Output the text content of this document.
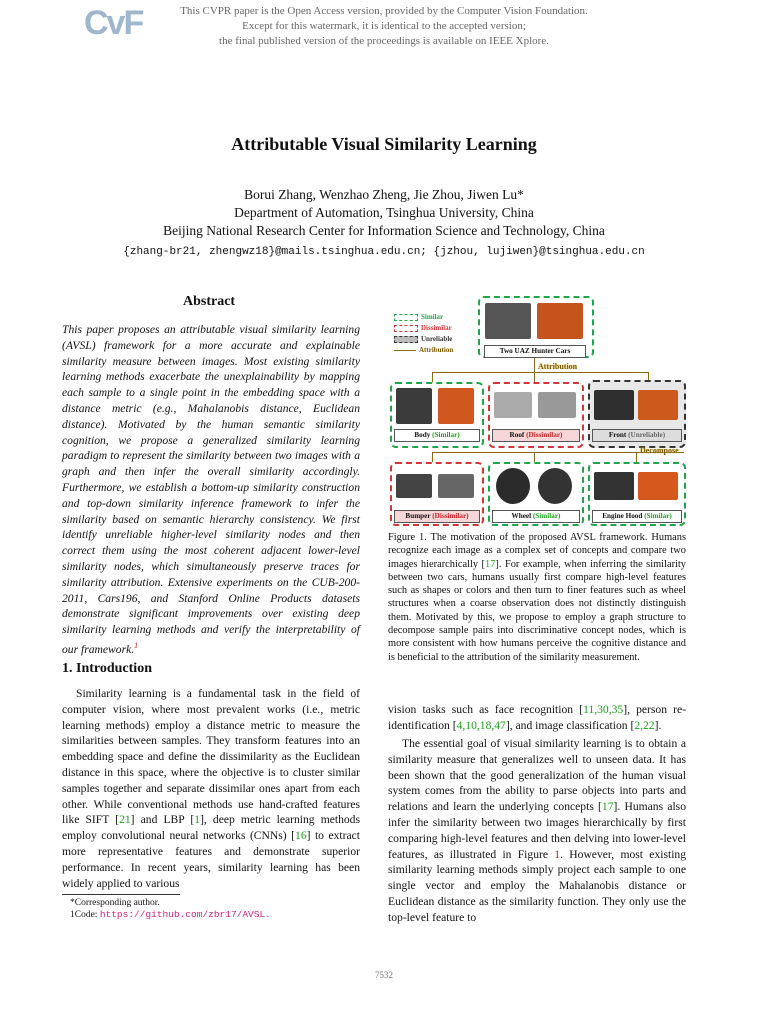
CvF	This CVPR paper is the Open Access version, provided by the Computer Vision Foundation.
Except for this watermark, it is identical to the accepted version;
the final published version of the proceedings is available on IEEE Xplore.
Attributable Visual Similarity Learning
Borui Zhang, Wenzhao Zheng, Jie Zhou, Jiwen Lu*
Department of Automation, Tsinghua University, China
Beijing National Research Center for Information Science and Technology, China
{zhang-br21, zhengwz18}@mails.tsinghua.edu.cn; {jzhou, lujiwen}@tsinghua.edu.cn
Abstract
This paper proposes an attributable visual similarity learning (AVSL) framework for a more accurate and explainable similarity measure between images. Most existing similarity learning methods exacerbate the unexplainability by mapping each sample to a single point in the embedding space with a distance metric (e.g., Mahalanobis distance, Euclidean distance). Motivated by the human semantic similarity cognition, we propose a generalized similarity learning paradigm to represent the similarity between two images with a graph and then infer the overall similarity accordingly. Furthermore, we establish a bottom-up similarity construction and top-down similarity inference framework to infer the similarity based on semantic hierarchy consistency. We first identify unreliable higher-level similarity nodes and then correct them using the most coherent adjacent lower-level similarity nodes, which simultaneously preserve traces for similarity attribution. Extensive experiments on the CUB-200-2011, Cars196, and Stanford Online Products datasets demonstrate significant improvements over existing deep similarity learning methods and verify the interpretability of our framework.$^1$
1. Introduction
Similarity learning is a fundamental task in the field of computer vision, where most prevalent works (i.e., metric learning methods) employ a distance metric to measure the similarities between samples. They transform features into an embedding space and define the dissimilarity as the Euclidean distance in this space, where the objective is to cluster similar samples together and separate dissimilar ones apart from each other. While conventional methods use hand-crafted features like SIFT [21] and LBP [1], deep metric learning methods employ convolutional neural networks (CNNs) [16] to extract more representative features and demonstrate superior performance. In recent years, similarity learning has been widely applied to various
*Corresponding author.
1Code: https://github.com/zbr17/AVSL.
Similar
Dissimilar
Unreliable
Attribution	Two UAZ Hunter Cars
Attribution
Body (Similar)	Roof (Dissimilar)	Front (Unreliable)
Decompose
Bumper (Dissimilar)	Wheel (Similar)	Engine Hood (Similar)
Figure 1. The motivation of the proposed AVSL framework. Humans recognize each image as a complex set of concepts and compare two images hierarchically [17]. For example, when inferring the similarity between two cars, humans usually first compare high-level features such as shapes or colors and then turn to finer features such as wheel structures when a coarse observation does not distinctly distinguish them. Motivated by this, we propose to employ a graph structure to decompose sample pairs into discriminative concept nodes, which is more consistent with how humans perceive the cognitive distance and is beneficial to the attribution of the similarity measurement.
vision tasks such as face recognition [11,30,35], person re-identification [4,10,18,47], and image classification [2,22].
The essential goal of visual similarity learning is to obtain a similarity measure that generalizes well to unseen data. It has been shown that the good generalization of the human visual system comes from the ability to parse objects into parts and relations and learn the underlying concepts [17]. Humans also infer the similarity between two images hierarchically by first comparing high-level features and then delving into lower-level features, as illustrated in Figure 1. However, most existing similarity learning methods simply project each sample to one single vector and employ the Mahalanobis distance or Euclidean distance as the similarity function. They only use the top-level feature to
7532
